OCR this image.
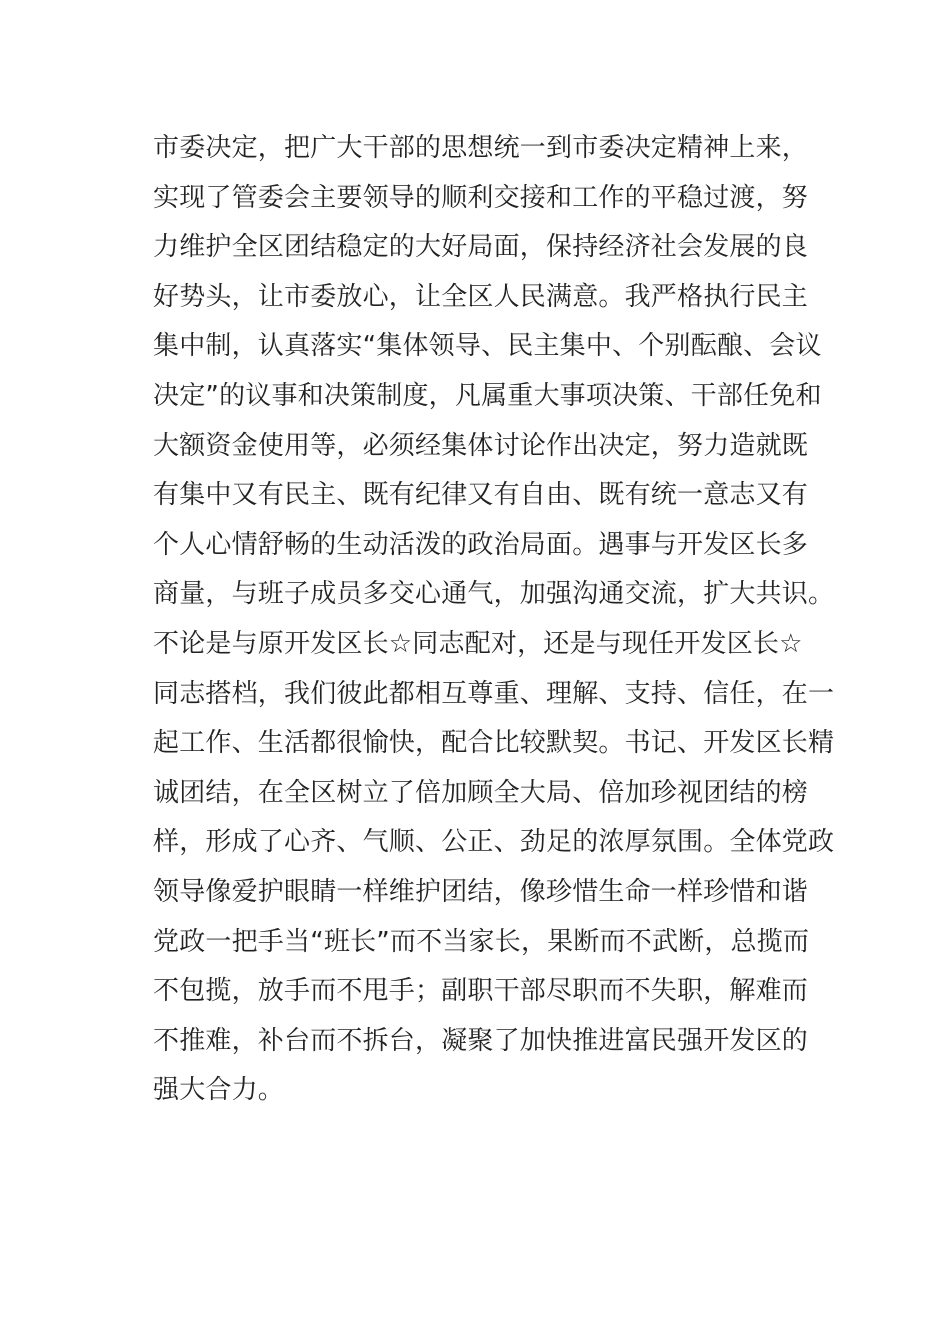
市委决定，把广大干部的思想统一到市委决定精神上来，
实现了管委会主要领导的顺利交接和工作的平稳过渡，努
力维护全区团结稳定的大好局面，保持经济社会发展的良
好势头，让市委放心，让全区人民满意。我严格执行民主
集中制，认真落实“集体领导、民主集中、个别酝酿、会议
决定”的议事和决策制度，凡属重大事项决策、干部任免和
大额资金使用等，必须经集体讨论作出决定，努力造就既
有集中又有民主、既有纪律又有自由、既有统一意志又有
个人心情舒畅的生动活泼的政治局面。遇事与开发区长多
商量，与班子成员多交心通气，加强沟通交流，扩大共识。
不论是与原开发区长☆同志配对，还是与现任开发区长☆
同志搭档，我们彼此都相互尊重、理解、支持、信任，在一
起工作、生活都很愉快，配合比较默契。书记、开发区长精
诚团结，在全区树立了倍加顾全大局、倍加珍视团结的榜
样，形成了心齐、气顺、公正、劲足的浓厚氛围。全体党政
领导像爱护眼睛一样维护团结，像珍惜生命一样珍惜和谐
党政一把手当“班长”而不当家长，果断而不武断，总揽而
不包揽，放手而不甩手；副职干部尽职而不失职，解难而
不推难，补台而不拆台，凝聚了加快推进富民强开发区的
强大合力。
